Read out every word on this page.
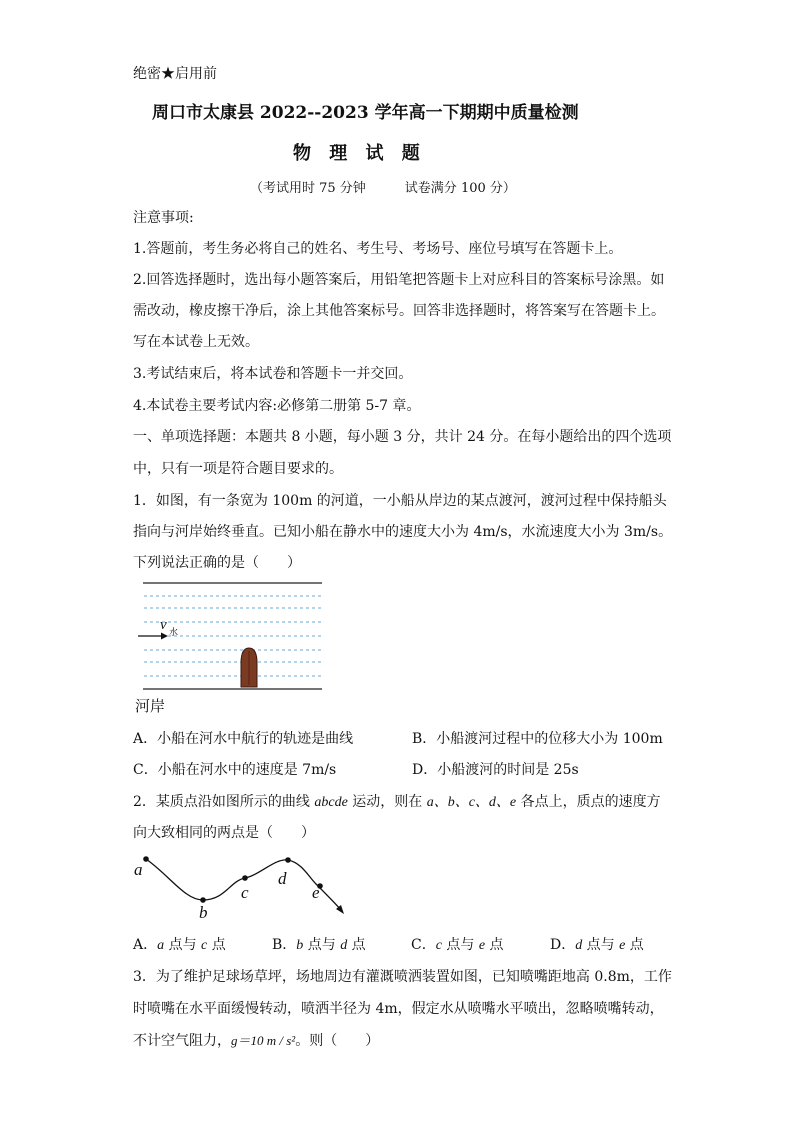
绝密★启用前
周口市太康县 2022--2023 学年高一下期期中质量检测
物 理 试 题
（考试用时 75 分钟　　　试卷满分 100 分）
注意事项:
1.答题前，考生务必将自己的姓名、考生号、考场号、座位号填写在答题卡上。
2.回答选择题时，选出每小题答案后，用铅笔把答题卡上对应科目的答案标号涂黑。如
需改动，橡皮擦干净后，涂上其他答案标号。回答非选择题时，将答案写在答题卡上。
写在本试卷上无效。
3.考试结束后，将本试卷和答题卡一并交回。
4.本试卷主要考试内容:必修第二册第 5-7 章。
一、单项选择题：本题共 8 小题，每小题 3 分，共计 24 分。在每小题给出的四个选项
中，只有一项是符合题目要求的。
1．如图，有一条宽为 100m 的河道，一小船从岸边的某点渡河，渡河过程中保持船头
指向与河岸始终垂直。已知小船在静水中的速度大小为 4m/s，水流速度大小为 3m/s。
下列说法正确的是（　　）
v 水
河岸
A．小船在河水中航行的轨迹是曲线	B．小船渡河过程中的位移大小为 100m
C．小船在河水中的速度是 7m/s	D．小船渡河的时间是 25s
2．某质点沿如图所示的曲线 abcde 运动，则在 a、b、c、d、e 各点上，质点的速度方
向大致相同的两点是（　　）
a
b
c
d
e
A．a 点与 c 点	B．b 点与 d 点	C．c 点与 e 点	D．d 点与 e 点
3．为了维护足球场草坪，场地周边有灌溉喷洒装置如图，已知喷嘴距地高 0.8m，工作
时喷嘴在水平面缓慢转动，喷洒半径为 4m，假定水从喷嘴水平喷出，忽略喷嘴转动，
不计空气阻力，g＝10 m / s²。则（　　）
